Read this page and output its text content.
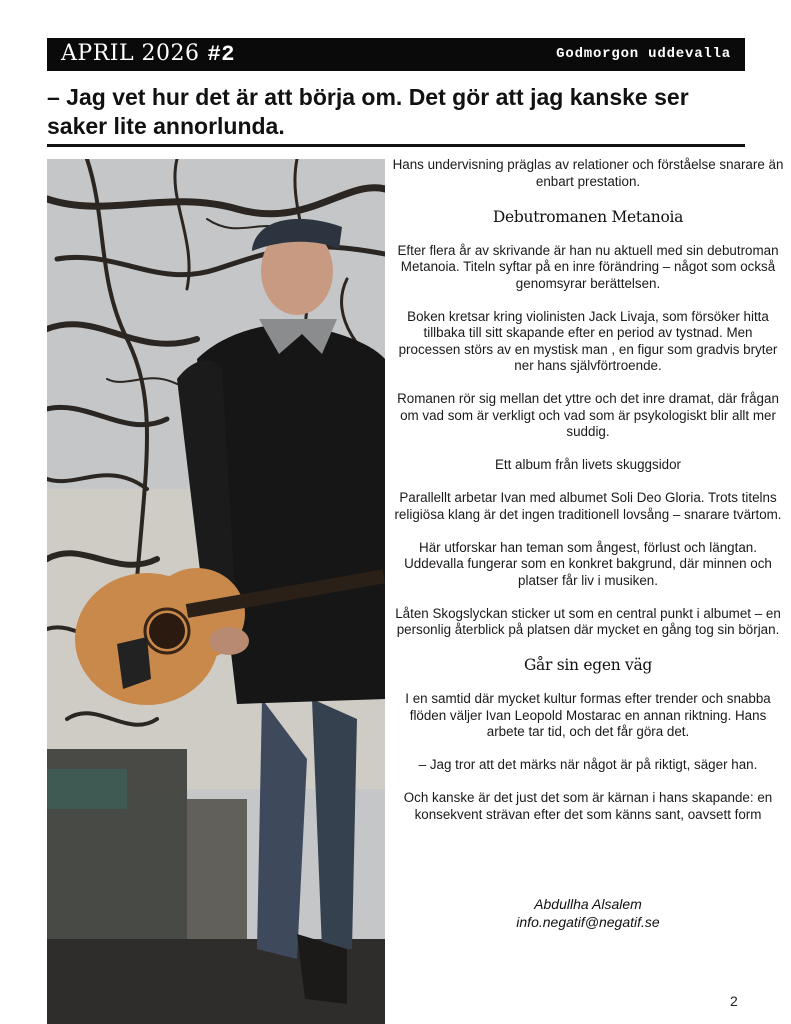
APRIL 2026 #2	Godmorgon uddevalla
– Jag vet hur det är att börja om. Det gör att jag kanske ser saker lite annorlunda.

Hans undervisning präglas av relationer och förståelse snarare än enbart prestation.

Debutromanen Metanoia

Efter flera år av skrivande är han nu aktuell med sin debutroman Metanoia. Titeln syftar på en inre förändring – något som också genomsyrar berättelsen.

Boken kretsar kring violinisten Jack Livaja, som försöker hitta tillbaka till sitt skapande efter en period av tystnad. Men processen störs av en mystisk man , en figur som gradvis bryter ner hans självförtroende.

Romanen rör sig mellan det yttre och det inre dramat, där frågan om vad som är verkligt och vad som är psykologiskt blir allt mer suddig.

Ett album från livets skuggsidor

Parallellt arbetar Ivan med albumet Soli Deo Gloria. Trots titelns religiösa klang är det ingen traditionell lovsång – snarare tvärtom.

Här utforskar han teman som ångest, förlust och längtan. Uddevalla fungerar som en konkret bakgrund, där minnen och platser får liv i musiken.

Låten Skogslyckan sticker ut som en central punkt i albumet – en personlig återblick på platsen där mycket en gång tog sin början.

Går sin egen väg

I en samtid där mycket kultur formas efter trender och snabba flöden väljer Ivan Leopold Mostarac en annan riktning. Hans arbete tar tid, och det får göra det.

– Jag tror att det märks när något är på riktigt, säger han.

Och kanske är det just det som är kärnan i hans skapande: en konsekvent strävan efter det som känns sant, oavsett form

Abdullha Alsalem
info.negatif@negatif.se
2
